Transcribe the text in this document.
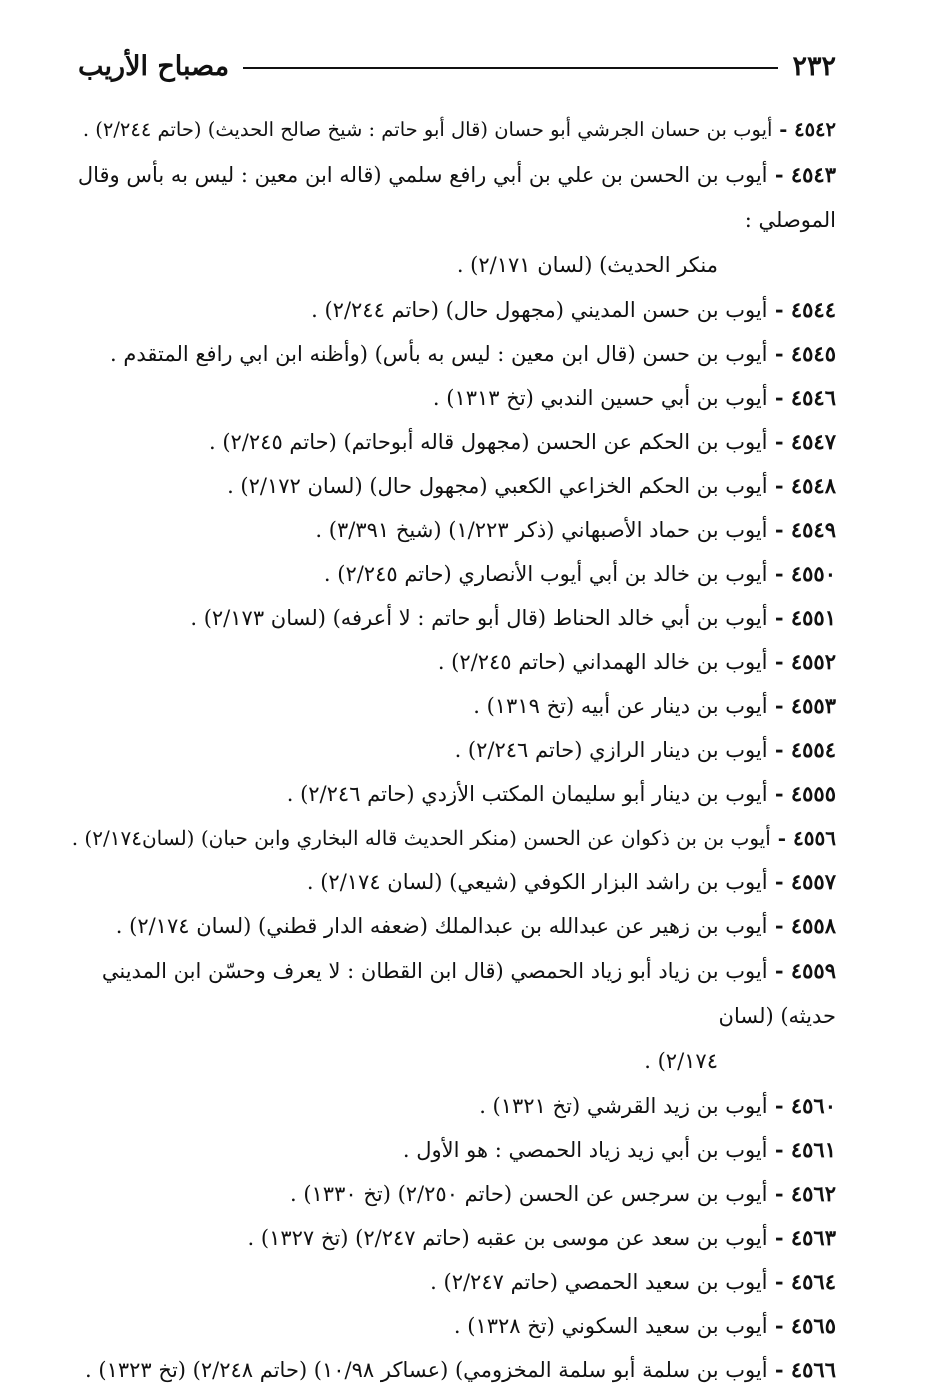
٢٣٢
مصباح الأريب
٤٥٤٢ - أيوب بن حسان الجرشي أبو حسان (قال أبو حاتم : شيخ صالح الحديث) (حاتم ٢/٢٤٤) .
٤٥٤٣ - أيوب بن الحسن بن علي بن أبي رافع سلمي (قاله ابن معين : ليس به بأس وقال الموصلي :
منكر الحديث) (لسان ٢/١٧١) .
٤٥٤٤ - أيوب بن حسن المديني (مجهول حال) (حاتم ٢/٢٤٤) .
٤٥٤٥ - أيوب بن حسن (قال ابن معين : ليس به بأس) (وأظنه ابن ابي رافع المتقدم .
٤٥٤٦ - أيوب بن أبي حسين الندبي (تخ ١٣١٣) .
٤٥٤٧ - أيوب بن الحكم عن الحسن (مجهول قاله أبوحاتم) (حاتم ٢/٢٤٥) .
٤٥٤٨ - أيوب بن الحكم الخزاعي الكعبي (مجهول حال) (لسان ٢/١٧٢) .
٤٥٤٩ - أيوب بن حماد الأصبهاني (ذكر ١/٢٢٣) (شيخ ٣/٣٩١) .
٤٥٥٠ - أيوب بن خالد بن أبي أيوب الأنصاري (حاتم ٢/٢٤٥) .
٤٥٥١ - أيوب بن أبي خالد الحناط (قال أبو حاتم : لا أعرفه) (لسان ٢/١٧٣) .
٤٥٥٢ - أيوب بن خالد الهمداني (حاتم ٢/٢٤٥) .
٤٥٥٣ - أيوب بن دينار عن أبيه (تخ ١٣١٩) .
٤٥٥٤ - أيوب بن دينار الرازي (حاتم ٢/٢٤٦) .
٤٥٥٥ - أيوب بن دينار أبو سليمان المكتب الأزدي (حاتم ٢/٢٤٦) .
٤٥٥٦ - أيوب بن بن ذكوان عن الحسن (منكر الحديث قاله البخاري وابن حبان) (لسان٢/١٧٤) .
٤٥٥٧ - أيوب بن راشد البزار الكوفي (شيعي) (لسان ٢/١٧٤) .
٤٥٥٨ - أيوب بن زهير عن عبدالله بن عبدالملك (ضعفه الدار قطني) (لسان ٢/١٧٤) .
٤٥٥٩ - أيوب بن زياد أبو زياد الحمصي (قال ابن القطان : لا يعرف وحسّن ابن المديني حديثه) (لسان
٢/١٧٤) .
٤٥٦٠ - أيوب بن زيد القرشي (تخ ١٣٢١) .
٤٥٦١ - أيوب بن أبي زيد زياد الحمصي : هو الأول .
٤٥٦٢ - أيوب بن سرجس عن الحسن (حاتم ٢/٢٥٠) (تخ ١٣٣٠) .
٤٥٦٣ - أيوب بن سعد عن موسى بن عقبه (حاتم ٢/٢٤٧) (تخ ١٣٢٧) .
٤٥٦٤ - أيوب بن سعيد الحمصي (حاتم ٢/٢٤٧) .
٤٥٦٥ - أيوب بن سعيد السكوني (تخ ١٣٢٨) .
٤٥٦٦ - أيوب بن سلمة أبو سلمة المخزومي) (عساكر ١٠/٩٨) (حاتم ٢/٢٤٨) (تخ ١٣٢٣) .
